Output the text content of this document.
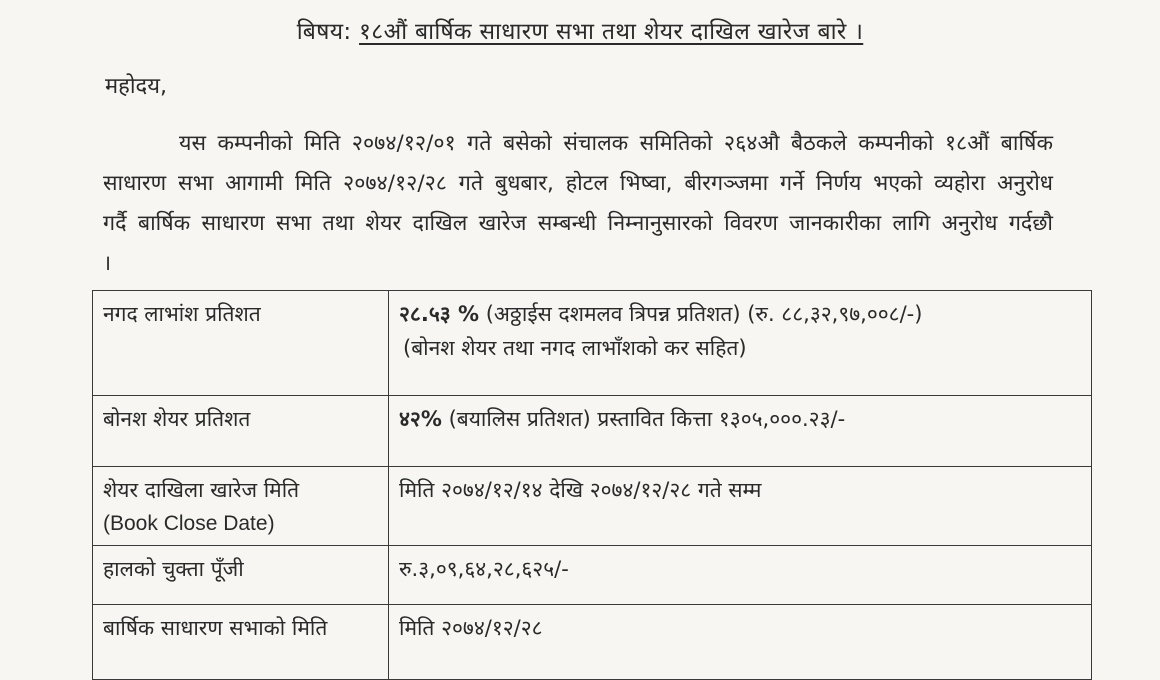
बिषय: १८औं बार्षिक साधारण सभा तथा शेयर दाखिल खारेज बारे ।
महोदय,

यस कम्पनीको मिति २०७४/१२/०१ गते बसेको संचालक समितिको २६४औ बैठकले कम्पनीको १८औं बार्षिक साधारण सभा आगामी मिति २०७४/१२/२८ गते बुधबार, होटल भिष्वा, बीरगञ्जमा गर्ने निर्णय भएको व्यहोरा अनुरोध गर्दै बार्षिक साधारण सभा तथा शेयर दाखिल खारेज सम्बन्धी निम्नानुसारको विवरण जानकारीका लागि अनुरोध गर्दछौ ।

नगद लाभांश प्रतिशत	२८.५३ % (अठ्ठाईस दशमलव त्रिपन्न प्रतिशत) (रु. ८८,३२,९७,००८/-)
(बोनश शेयर तथा नगद लाभाँशको कर सहित)

बोनश शेयर प्रतिशत	४२% (बयालिस प्रतिशत) प्रस्तावित कित्ता १३०५,०००.२३/-

शेयर दाखिला खारेज मिति
(Book Close Date)	मिति २०७४/१२/१४ देखि २०७४/१२/२८ गते सम्म
हालको चुक्ता पूँजी	रु.३,०९,६४,२८,६२५/-
बार्षिक साधारण सभाको मिति	मिति २०७४/१२/२८
